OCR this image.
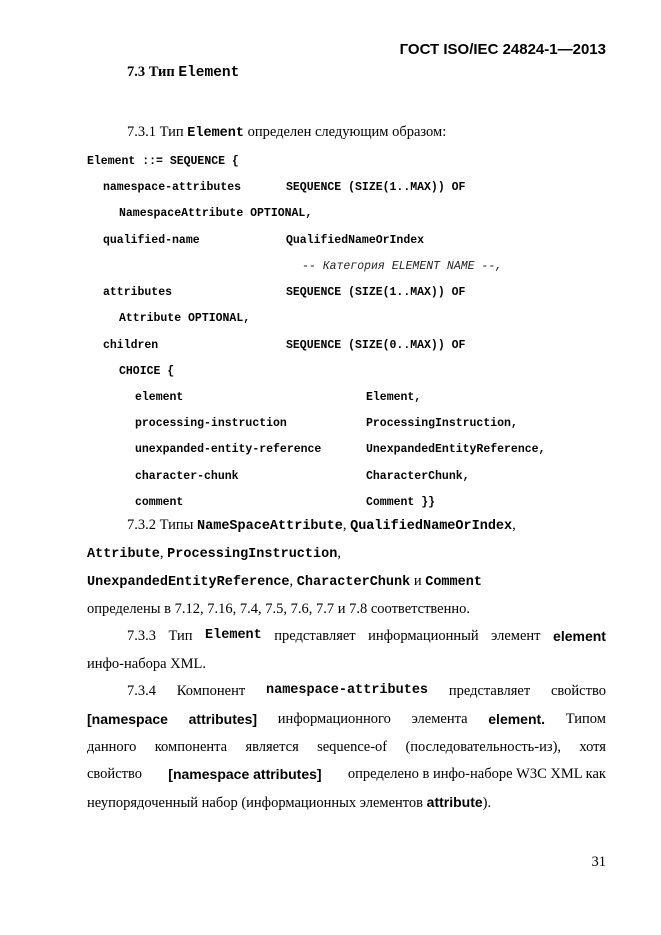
ГОСТ ISO/IEC 24824-1—2013
7.3 Тип Element
7.3.1 Тип Element определен следующим образом:
Element ::= SEQUENCE {
namespace-attributes	SEQUENCE (SIZE(1..MAX)) OF
NamespaceAttribute OPTIONAL,
qualified-name	QualifiedNameOrIndex
-- Категория ELEMENT NAME --,
attributes	SEQUENCE (SIZE(1..MAX)) OF
Attribute OPTIONAL,
children	SEQUENCE (SIZE(0..MAX)) OF
CHOICE {
element	Element,
processing-instruction	ProcessingInstruction,
unexpanded-entity-reference	UnexpandedEntityReference,
character-chunk	CharacterChunk,
comment	Comment }}
7.3.2 Типы NameSpaceAttribute, QualifiedNameOrIndex,
Attribute, ProcessingInstruction,
UnexpandedEntityReference, CharacterChunk и Comment
определены в 7.12, 7.16, 7.4, 7.5, 7.6, 7.7 и 7.8 соответственно.
7.3.3 Тип Element представляет информационный элемент element
инфо-набора XML.
7.3.4 Компонент namespace-attributes представляет свойство
[namespace attributes] информационного элемента element. Типом
данного компонента является sequence-of (последовательность-из), хотя
свойство [namespace attributes] определено в инфо-наборе W3C XML как
неупорядоченный набор (информационных элементов attribute).
31
